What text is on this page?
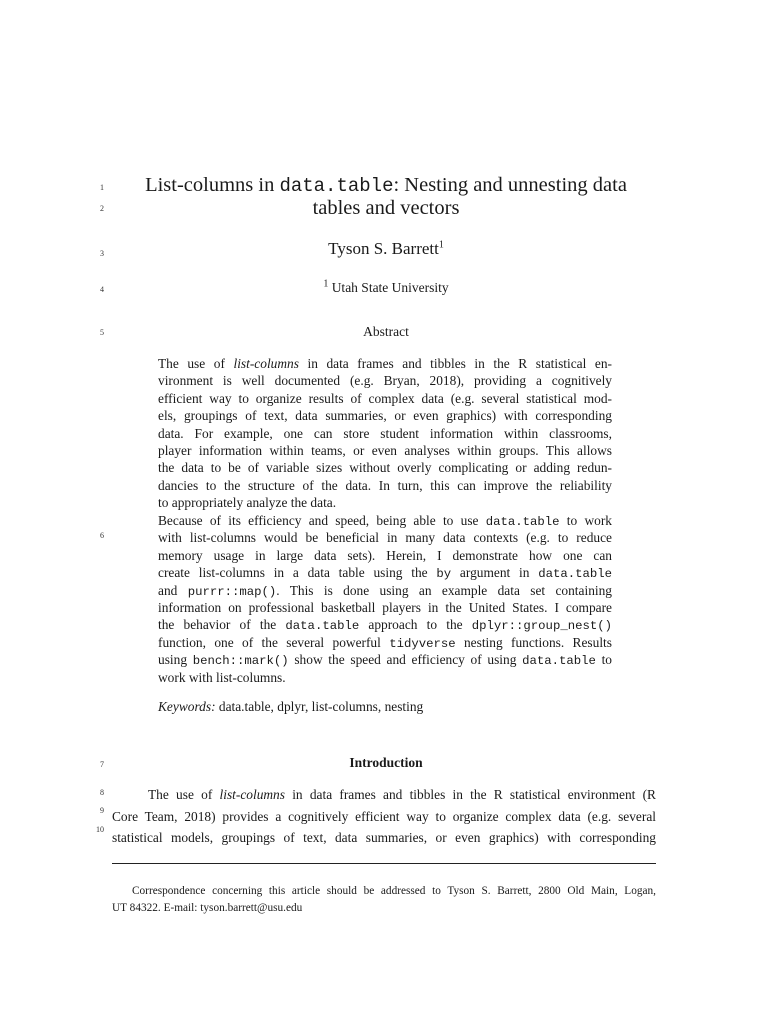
1
2
3
4
5
6
7
8
9
10
List-columns in data.table: Nesting and unnesting data
tables and vectors
Tyson S. Barrett$^1$
$^1$ Utah State University
Abstract
The use of list-columns in data frames and tibbles in the R statistical en-
vironment is well documented (e.g. Bryan, 2018), providing a cognitively
efficient way to organize results of complex data (e.g. several statistical mod-
els, groupings of text, data summaries, or even graphics) with corresponding
data. For example, one can store student information within classrooms,
player information within teams, or even analyses within groups. This allows
the data to be of variable sizes without overly complicating or adding redun-
dancies to the structure of the data. In turn, this can improve the reliability
to appropriately analyze the data.
Because of its efficiency and speed, being able to use data.table to work
with list-columns would be beneficial in many data contexts (e.g. to reduce
memory usage in large data sets). Herein, I demonstrate how one can
create list-columns in a data table using the by argument in data.table
and purrr::map(). This is done using an example data set containing
information on professional basketball players in the United States. I compare
the behavior of the data.table approach to the dplyr::group_nest()
function, one of the several powerful tidyverse nesting functions. Results
using bench::mark() show the speed and efficiency of using data.table to
work with list-columns.
Keywords: data.table, dplyr, list-columns, nesting
Introduction
The use of list-columns in data frames and tibbles in the R statistical environment (R
Core Team, 2018) provides a cognitively efficient way to organize complex data (e.g. several
statistical models, groupings of text, data summaries, or even graphics) with corresponding
Correspondence concerning this article should be addressed to Tyson S. Barrett, 2800 Old Main, Logan,
UT 84322. E-mail: tyson.barrett@usu.edu
